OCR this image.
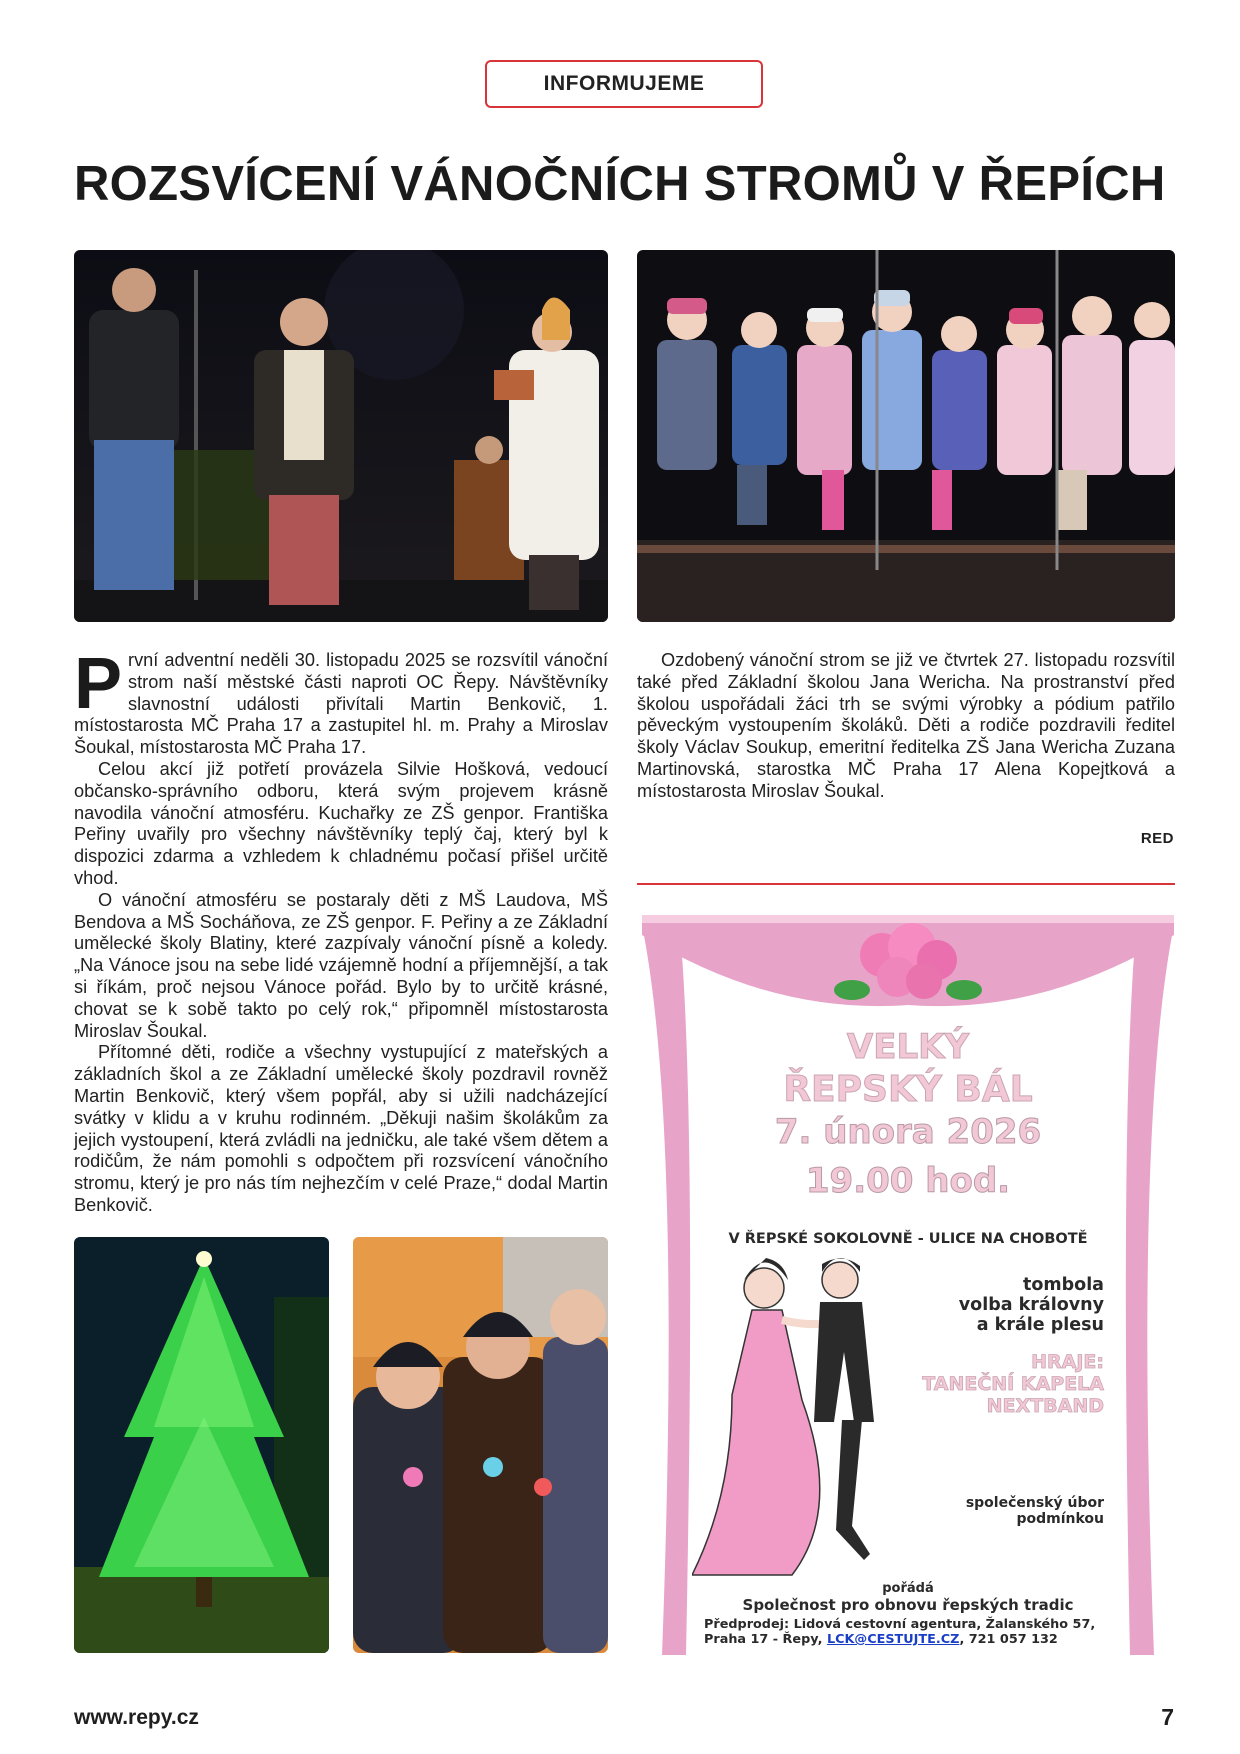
INFORMUJEME
ROZSVÍCENÍ VÁNOČNÍCH STROMŮ V ŘEPÍCH

První adventní neděli 30. listopadu 2025 se rozsvítil vánoční strom naší městské části naproti OC Řepy. Návštěvníky slavnostní události přivítali Martin Benkovič, 1. místostarosta MČ Praha 17 a zastupitel hl. m. Prahy a Miroslav Šoukal, místostarosta MČ Praha 17.

Celou akcí již potřetí provázela Silvie Hošková, vedoucí občansko-správního odboru, která svým projevem krásně navodila vánoční atmosféru. Kuchařky ze ZŠ genpor. Františka Peřiny uvařily pro všechny návštěvníky teplý čaj, který byl k dispozici zdarma a vzhledem k chladnému počasí přišel určitě vhod.

O vánoční atmosféru se postaraly děti z MŠ Laudova, MŠ Bendova a MŠ Socháňova, ze ZŠ genpor. F. Peřiny a ze Základní umělecké školy Blatiny, které zazpívaly vánoční písně a koledy. „Na Vánoce jsou na sebe lidé vzájemně hodní a příjemnější, a tak si říkám, proč nejsou Vánoce pořád. Bylo by to určitě krásné, chovat se k sobě takto po celý rok,“ připomněl místostarosta Miroslav Šoukal.

Přítomné děti, rodiče a všechny vystupující z mateřských a základních škol a ze Základní umělecké školy pozdravil rovněž Martin Benkovič, který všem popřál, aby si užili nadcházející svátky v klidu a v kruhu rodinném. „Děkuji našim školákům za jejich vystoupení, která zvládli na jedničku, ale také všem dětem a rodičům, že nám pomohli s odpočtem při rozsvícení vánočního stromu, který je pro nás tím nejhezčím v celé Praze,“ dodal Martin Benkovič.

Ozdobený vánoční strom se již ve čtvrtek 27. listopadu rozsvítil také před Základní školou Jana Wericha. Na prostranství před školou uspořádali žáci trh se svými výrobky a pódium patřilo pěveckým vystoupením školáků. Děti a rodiče pozdravili ředitel školy Václav Soukup, emeritní ředitelka ZŠ Jana Wericha Zuzana Martinovská, starostka MČ Praha 17 Alena Kopejtková a místostarosta Miroslav Šoukal.

RED
VELKÝ
ŘEPSKÝ BÁL
7. února 2026
19.00 hod.
V ŘEPSKÉ SOKOLOVNĚ - ULICE NA CHOBOTĚ
tombola
volba královny
a krále plesu
HRAJE:
TANEČNÍ KAPELA
NEXTBAND
společenský úbor
podmínkou
pořádá
Společnost pro obnovu řepských tradic
Předprodej: Lidová cestovní agentura, Žalanského 57,
Praha 17 - Řepy, LCK@CESTUJTE.CZ, 721 057 132
www.repy.cz	7
